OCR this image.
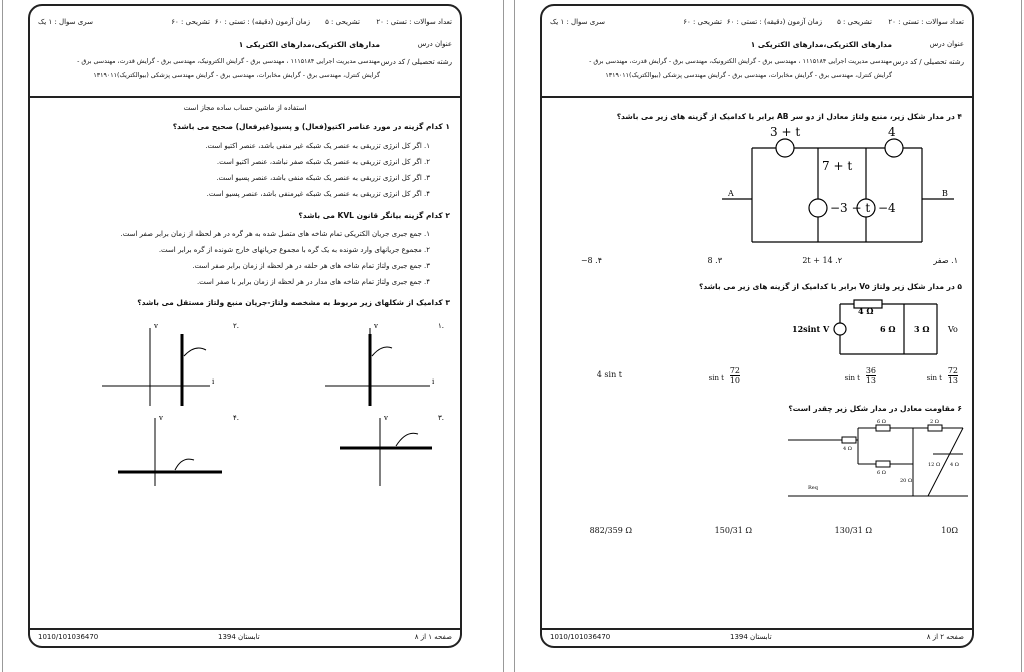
تعداد سوالات : تستی : ۲۰
تشریحی : ۵
زمان آزمون (دقیقه) : تستی : ۶۰
تشریحی : ۶۰
سری سوال : ۱ یک
عنوان درس
مدارهای الکتریکی،مدارهای الکتریکی ۱
رشته تحصیلی / کد درس
مهندسی مدیریت اجرایی ۱۱۱۵۱۸۴ ، مهندسی برق - گرایش الکترونیک، مهندسی برق - گرایش قدرت، مهندسی برق -
گرایش کنترل، مهندسی برق - گرایش مخابرات، مهندسی برق - گرایش مهندسی پزشکی (بیوالکتریک)۱۳۱۹۰۱۱
استفاده از ماشین حساب ساده مجاز است
۱ کدام گزینه در مورد عناصر اکتیو(فعال) و پسیو(غیرفعال) صحیح می باشد؟
۱. اگر کل انرژی تزریقی به عنصر یک شبکه غیر منفی باشد، عنصر اکتیو است.
۲. اگر کل انرژی تزریقی به عنصر یک شبکه صفر نباشد، عنصر اکتیو است.
۳. اگر کل انرژی تزریقی به عنصر یک شبکه منفی باشد، عنصر پسیو است.
۴. اگر کل انرژی تزریقی به عنصر یک شبکه غیرمنفی باشد، عنصر پسیو است.
۲ کدام گزینه بیانگر قانون KVL می باشد؟
۱. جمع جبری جریان الکتریکی تمام شاخه های متصل شده به هر گره در هر لحظه از زمان برابر صفر است.
۲. مجموع جریانهای وارد شونده به یک گره با مجموع جریانهای خارج شونده از گره برابر است.
۳. جمع جبری ولتاژ تمام شاخه های هر حلقه در هر لحظه از زمان برابر صفر است.
۴. جمع جبری ولتاژ تمام شاخه های مدار در هر لحظه از زمان برابر با صفر است.
۳ کدامیک از شکلهای زیر مربوط به مشخصه ولتاژ-جریان منبع ولتاژ مستقل می باشد؟
۱.
۲.
۳.
۴.
v
i
v
i
v
v
صفحه ۱ از ۸
تابستان 1394
1010/101036470
تعداد سوالات : تستی : ۲۰
تشریحی : ۵
زمان آزمون (دقیقه) : تستی : ۶۰
تشریحی : ۶۰
سری سوال : ۱ یک
عنوان درس
مدارهای الکتریکی،مدارهای الکتریکی ۱
رشته تحصیلی / کد درس
مهندسی مدیریت اجرایی ۱۱۱۵۱۸۴ ، مهندسی برق - گرایش الکترونیک، مهندسی برق - گرایش قدرت، مهندسی برق -
گرایش کنترل، مهندسی برق - گرایش مخابرات، مهندسی برق - گرایش مهندسی پزشکی (بیوالکتریک)۱۳۱۹۰۱۱
۴ در مدار شکل زیر، منبع ولتاژ معادل از دو سر AB برابر با کدامیک از گزینه های زیر می باشد؟
3 + t	4
7 + t
−3 − t −4
A	B
۱. صفر
2t + 14 .۲
8 .۳
−8 .۴
۵ در مدار شکل زیر ولتاژ Vo برابر با کدامیک از گزینه های زیر می باشد؟
12sint V
4 Ω
6 Ω 3 Ω Vo
$\frac{72}{13}$
sin t
$\frac{36}{13}$
sin t
$\frac{72}{10}$
sin t
4 sin t
۶ مقاومت معادل در مدار شکل زیر چقدر است؟
6 Ω	2 Ω
4 Ω
6 Ω
12 Ω 4 Ω
20 Ω
Req
10Ω
130/31 Ω
150/31 Ω
882/359 Ω
صفحه ۲ از ۸
تابستان 1394
1010/101036470
